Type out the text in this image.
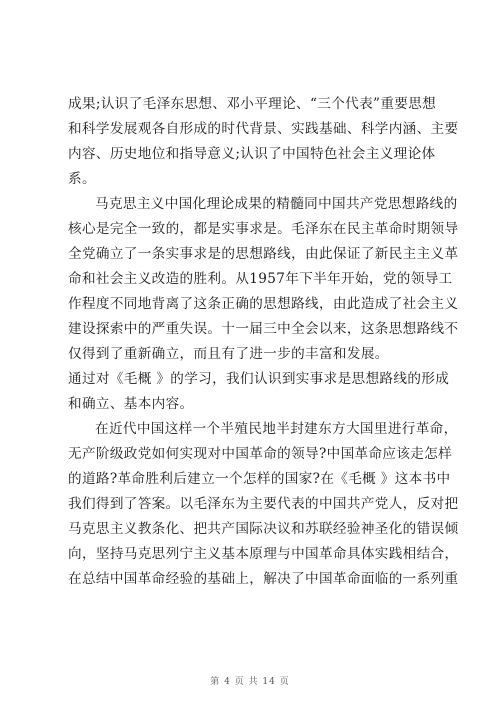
成果;认识了毛泽东思想、邓小平理论、“三个代表”重要思想
和科学发展观各自形成的时代背景、实践基础、科学内涵、主要
内容、历史地位和指导意义;认识了中国特色社会主义理论体
系。
马克思主义中国化理论成果的精髓同中国共产党思想路线的
核心是完全一致的，都是实事求是。毛泽东在民主革命时期领导
全党确立了一条实事求是的思想路线，由此保证了新民主主义革
命和社会主义改造的胜利。从1957年下半年开始，党的领导工
作程度不同地背离了这条正确的思想路线，由此造成了社会主义
建设探索中的严重失误。十一届三中全会以来，这条思想路线不
仅得到了重新确立，而且有了进一步的丰富和发展。
通过对《毛概 》的学习，我们认识到实事求是思想路线的形成
和确立、基本内容。
在近代中国这样一个半殖民地半封建东方大国里进行革命，
无产阶级政党如何实现对中国革命的领导?中国革命应该走怎样
的道路?革命胜利后建立一个怎样的国家?在《毛概 》这本书中
我们得到了答案。以毛泽东为主要代表的中国共产党人，反对把
马克思主义教条化、把共产国际决议和苏联经验神圣化的错误倾
向，坚持马克思列宁主义基本原理与中国革命具体实践相结合，
在总结中国革命经验的基础上，解决了中国革命面临的一系列重
第 4 页 共 14 页
